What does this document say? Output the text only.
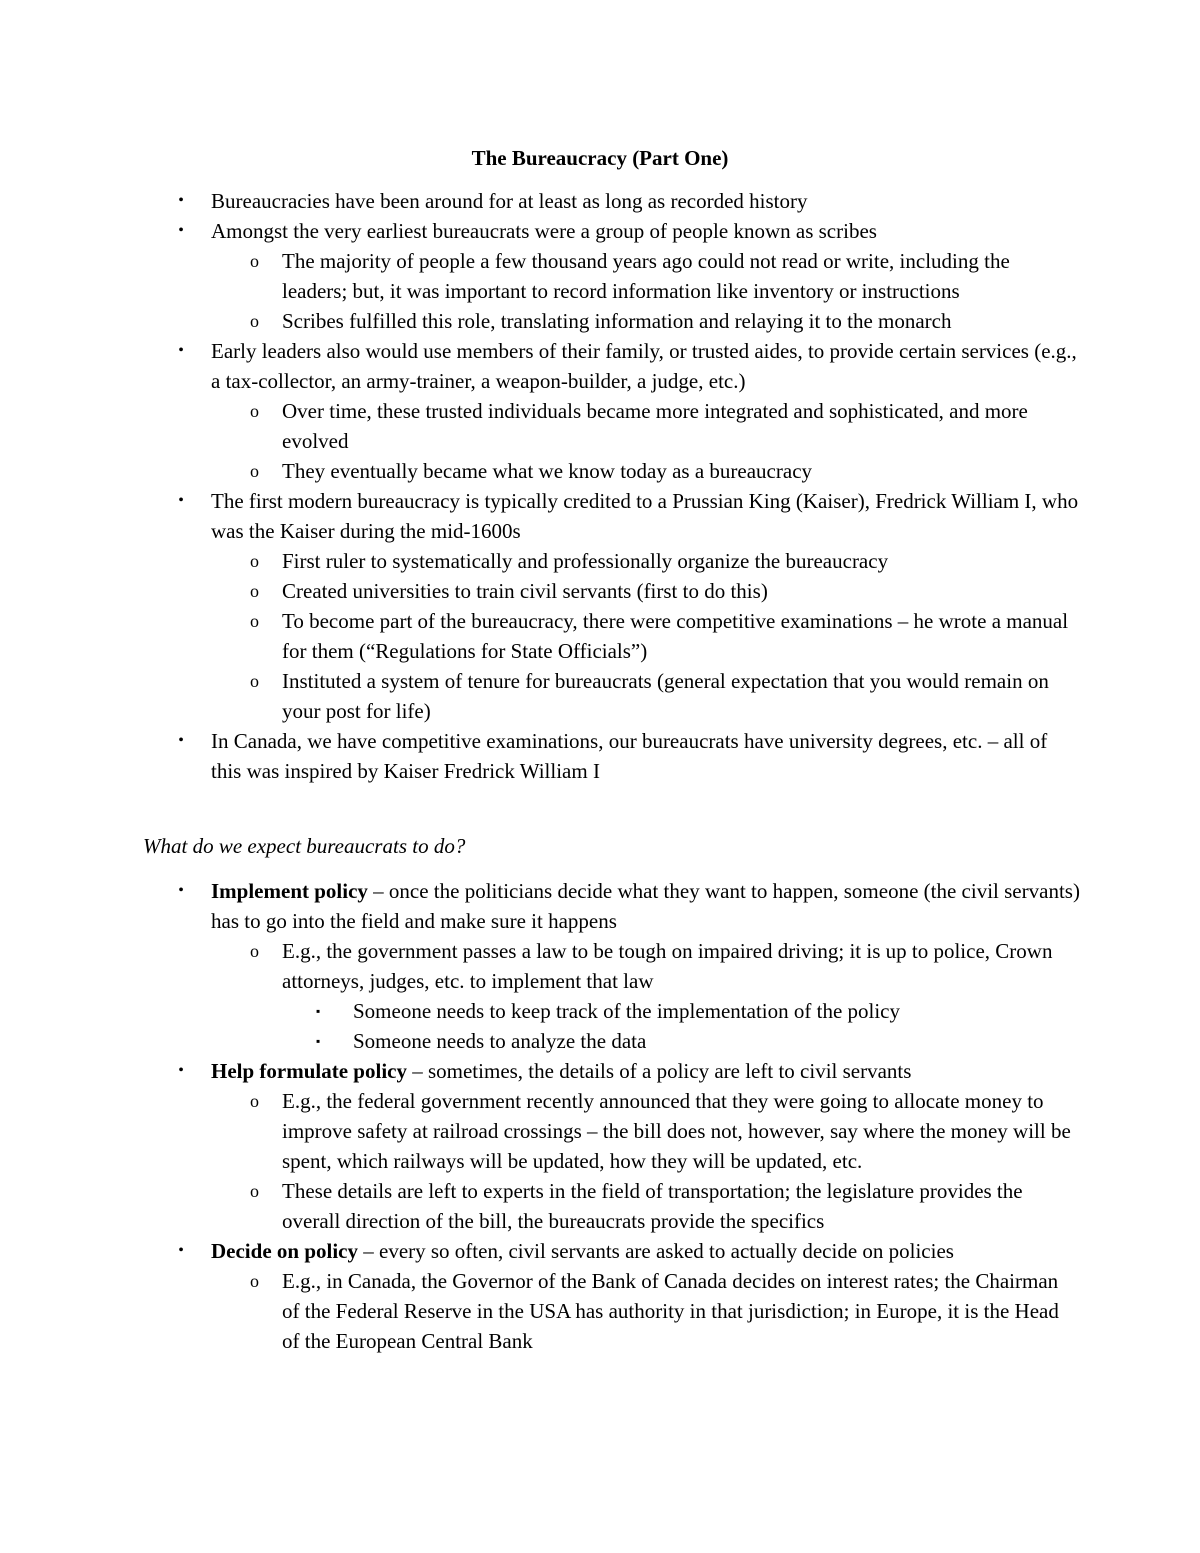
The Bureaucracy (Part One)
• Bureaucracies have been around for at least as long as recorded history
• Amongst the very earliest bureaucrats were a group of people known as scribes
o The majority of people a few thousand years ago could not read or write, including the leaders; but, it was important to record information like inventory or instructions
o Scribes fulfilled this role, translating information and relaying it to the monarch
• Early leaders also would use members of their family, or trusted aides, to provide certain services (e.g., a tax-collector, an army-trainer, a weapon-builder, a judge, etc.)
o Over time, these trusted individuals became more integrated and sophisticated, and more evolved
o They eventually became what we know today as a bureaucracy
• The first modern bureaucracy is typically credited to a Prussian King (Kaiser), Fredrick William I, who was the Kaiser during the mid-1600s
o First ruler to systematically and professionally organize the bureaucracy
o Created universities to train civil servants (first to do this)
o To become part of the bureaucracy, there were competitive examinations – he wrote a manual for them (“Regulations for State Officials”)
o Instituted a system of tenure for bureaucrats (general expectation that you would remain on your post for life)
• In Canada, we have competitive examinations, our bureaucrats have university degrees, etc. – all of this was inspired by Kaiser Fredrick William I

What do we expect bureaucrats to do?

• Implement policy – once the politicians decide what they want to happen, someone (the civil servants) has to go into the field and make sure it happens
o E.g., the government passes a law to be tough on impaired driving; it is up to police, Crown attorneys, judges, etc. to implement that law
▪ Someone needs to keep track of the implementation of the policy
▪ Someone needs to analyze the data
• Help formulate policy – sometimes, the details of a policy are left to civil servants
o E.g., the federal government recently announced that they were going to allocate money to improve safety at railroad crossings – the bill does not, however, say where the money will be spent, which railways will be updated, how they will be updated, etc.
o These details are left to experts in the field of transportation; the legislature provides the overall direction of the bill, the bureaucrats provide the specifics
• Decide on policy – every so often, civil servants are asked to actually decide on policies
o E.g., in Canada, the Governor of the Bank of Canada decides on interest rates; the Chairman of the Federal Reserve in the USA has authority in that jurisdiction; in Europe, it is the Head of the European Central Bank
